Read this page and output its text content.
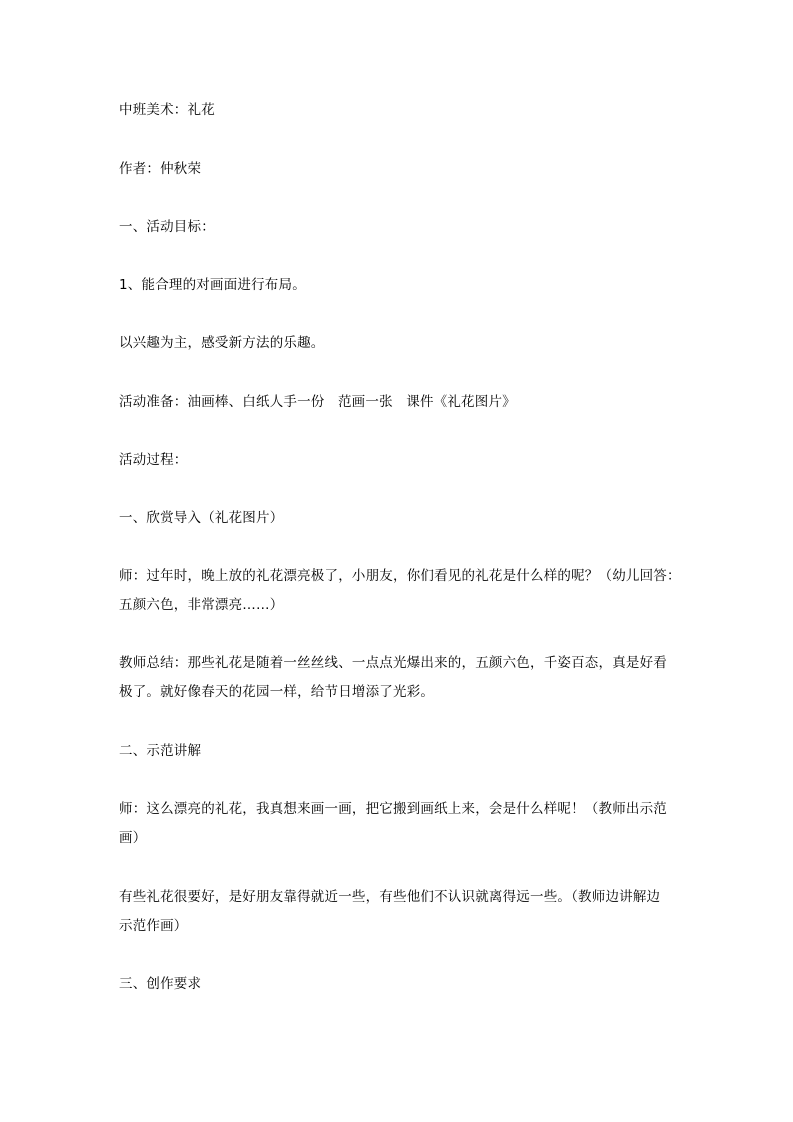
中班美术：礼花
作者：仲秋荣
一、活动目标：
1、能合理的对画面进行布局。
以兴趣为主，感受新方法的乐趣。
活动准备：油画棒、白纸人手一份   范画一张   课件《礼花图片》
活动过程：
一、欣赏导入（礼花图片）
师：过年时，晚上放的礼花漂亮极了，小朋友，你们看见的礼花是什么样的呢？（幼儿回答：
五颜六色，非常漂亮……）
教师总结：那些礼花是随着一丝丝线、一点点光爆出来的，五颜六色，千姿百态，真是好看
极了。就好像春天的花园一样，给节日增添了光彩。
二、示范讲解
师：这么漂亮的礼花，我真想来画一画，把它搬到画纸上来，会是什么样呢！（教师出示范
画）
有些礼花很要好，是好朋友靠得就近一些，有些他们不认识就离得远一些。（教师边讲解边
示范作画）
三、创作要求
